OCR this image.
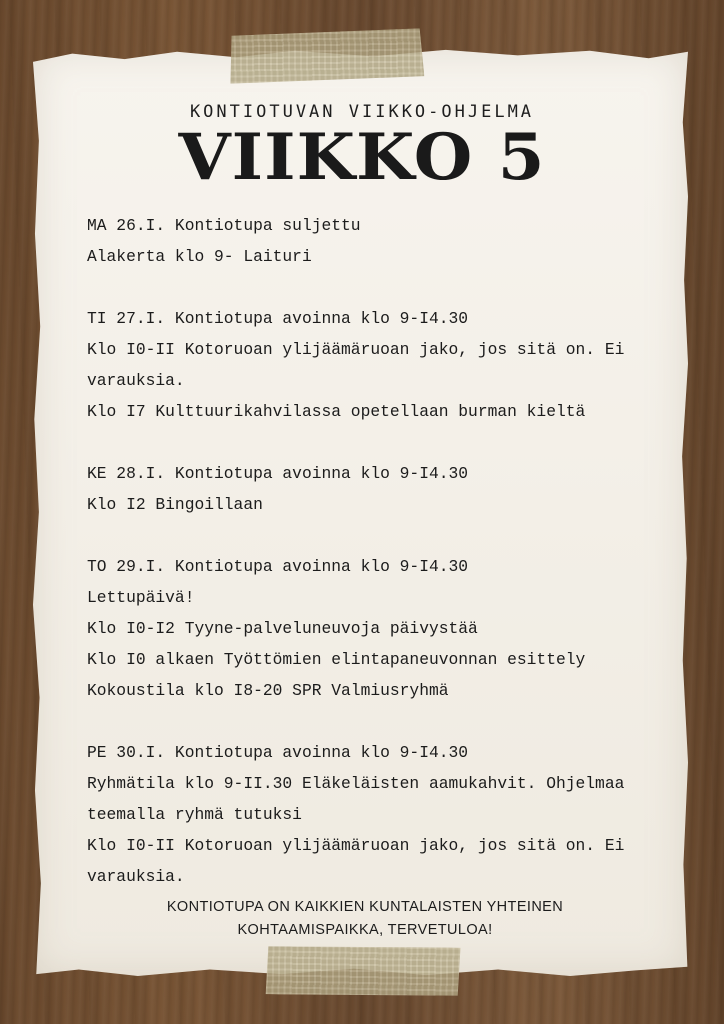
KONTIOTUVAN VIIKKO-OHJELMA
VIIKKO 5
MA 26.I. Kontiotupa suljettu
Alakerta klo 9- Laituri
TI 27.I. Kontiotupa avoinna klo 9-I4.30
Klo I0-II Kotoruoan ylijäämäruoan jako, jos sitä on. Ei varauksia.
Klo I7 Kulttuurikahvilassa opetellaan burman kieltä
KE 28.I. Kontiotupa avoinna klo 9-I4.30
Klo I2 Bingoillaan
TO 29.I. Kontiotupa avoinna klo 9-I4.30
Lettupäivä!
Klo I0-I2 Tyyne-palveluneuvoja päivystää
Klo I0 alkaen Työttömien elintapaneuvonnan esittely
Kokoustila klo I8-20 SPR Valmiusryhmä
PE 30.I. Kontiotupa avoinna klo 9-I4.30
Ryhmätila klo 9-II.30 Eläkeläisten aamukahvit. Ohjelmaa teemalla ryhmä tutuksi
Klo I0-II Kotoruoan ylijäämäruoan jako, jos sitä on. Ei varauksia.
KONTIOTUPA ON KAIKKIEN KUNTALAISTEN YHTEINEN
KOHTAAMISPAIKKA, TERVETULOA!
